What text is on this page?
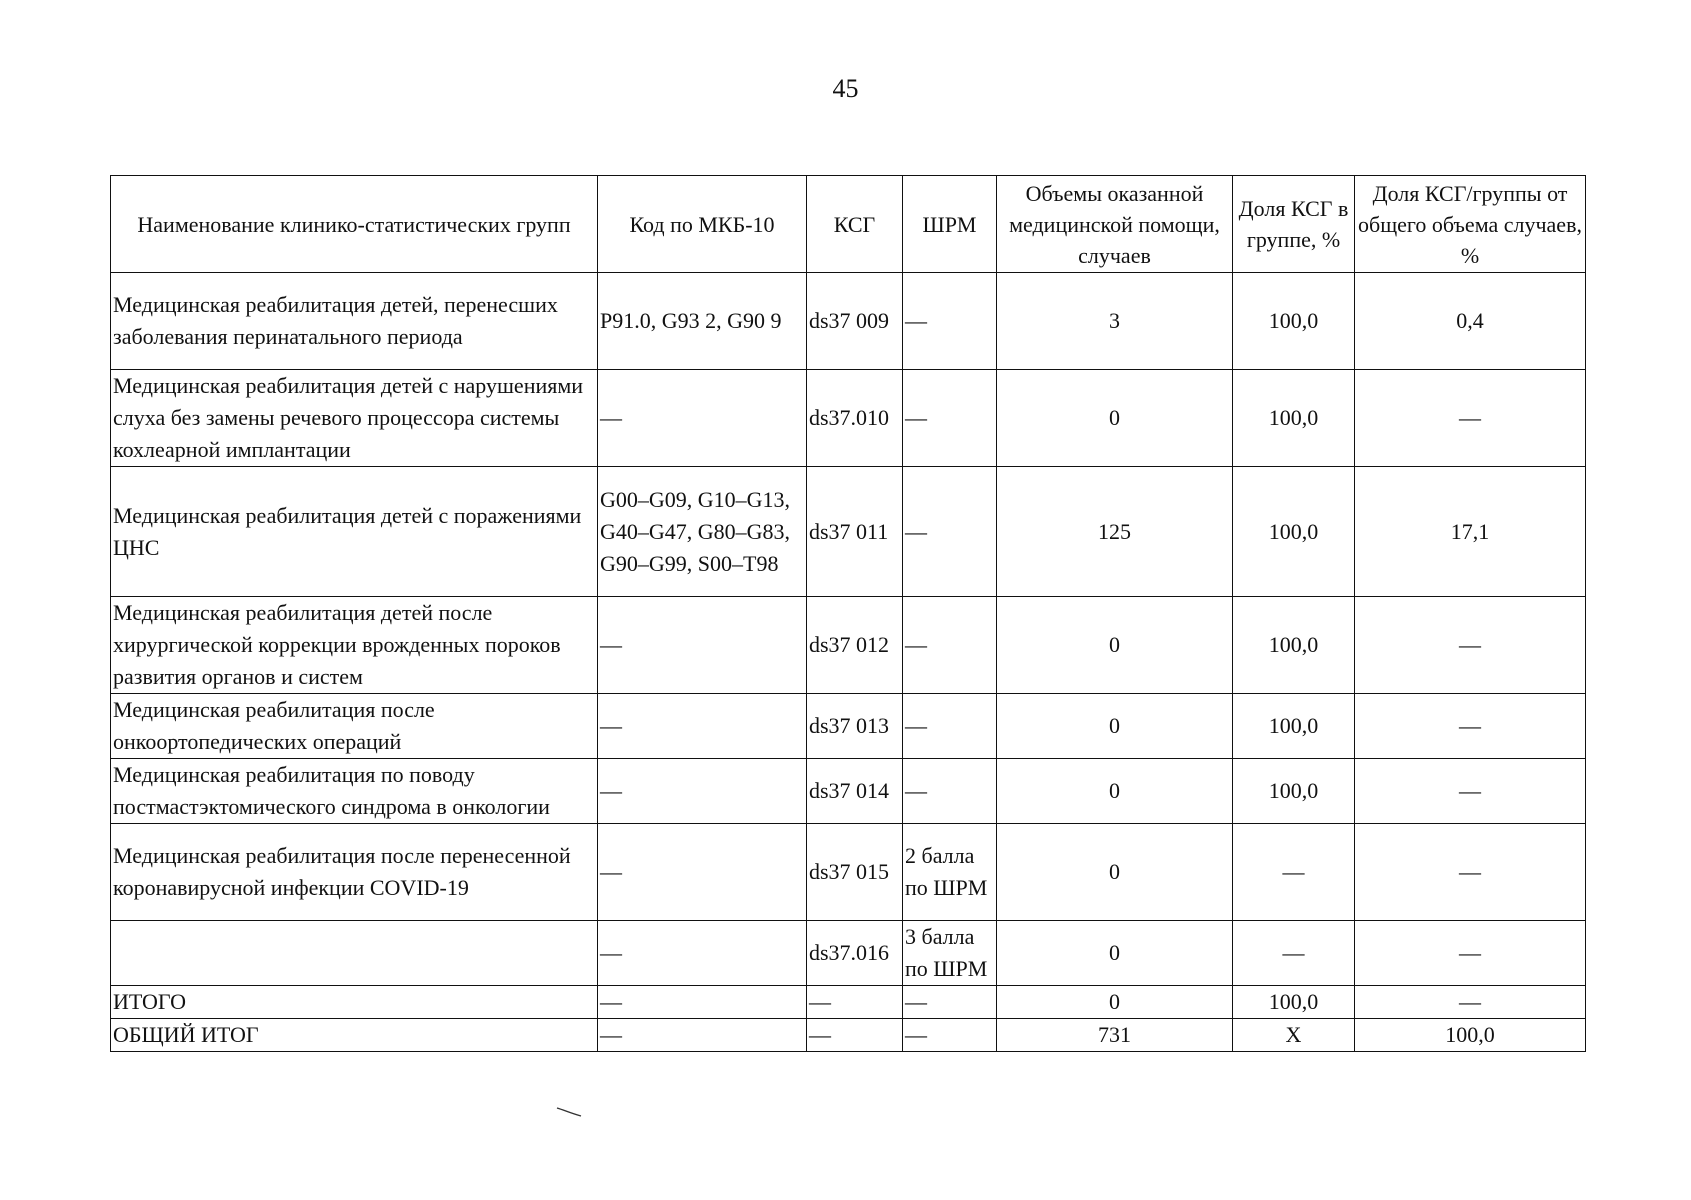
45
Наименование клинико-статистических групп	Код по МКБ-10	КСГ	ШРМ	Объемы оказанной медицинской помощи, случаев	Доля КСГ в группе, %	Доля КСГ/группы от общего объема случаев, %
Медицинская реабилитация детей, перенесших заболевания перинатального периода	P91.0, G93 2, G90 9	ds37 009	—	3	100,0	0,4
Медицинская реабилитация детей с нарушениями слуха без замены речевого процессора системы кохлеарной имплантации	—	ds37.010	—	0	100,0	—
Медицинская реабилитация детей с поражениями ЦНС	G00–G09, G10–G13, G40–G47, G80–G83, G90–G99, S00–T98	ds37 011	—	125	100,0	17,1
Медицинская реабилитация детей после хирургической коррекции врожденных пороков развития органов и систем	—	ds37 012	—	0	100,0	—
Медицинская реабилитация после онкоортопедических операций	—	ds37 013	—	0	100,0	—
Медицинская реабилитация по поводу постмастэктомического синдрома в онкологии	—	ds37 014	—	0	100,0	—
Медицинская реабилитация после перенесенной коронавирусной инфекции COVID-19	—	ds37 015	2 балла по ШРМ	0	—	—
	—	ds37.016	3 балла по ШРМ	0	—	—
ИТОГО	—	—	—	0	100,0	—
ОБЩИЙ ИТОГ	—	—	—	731	Х	100,0
